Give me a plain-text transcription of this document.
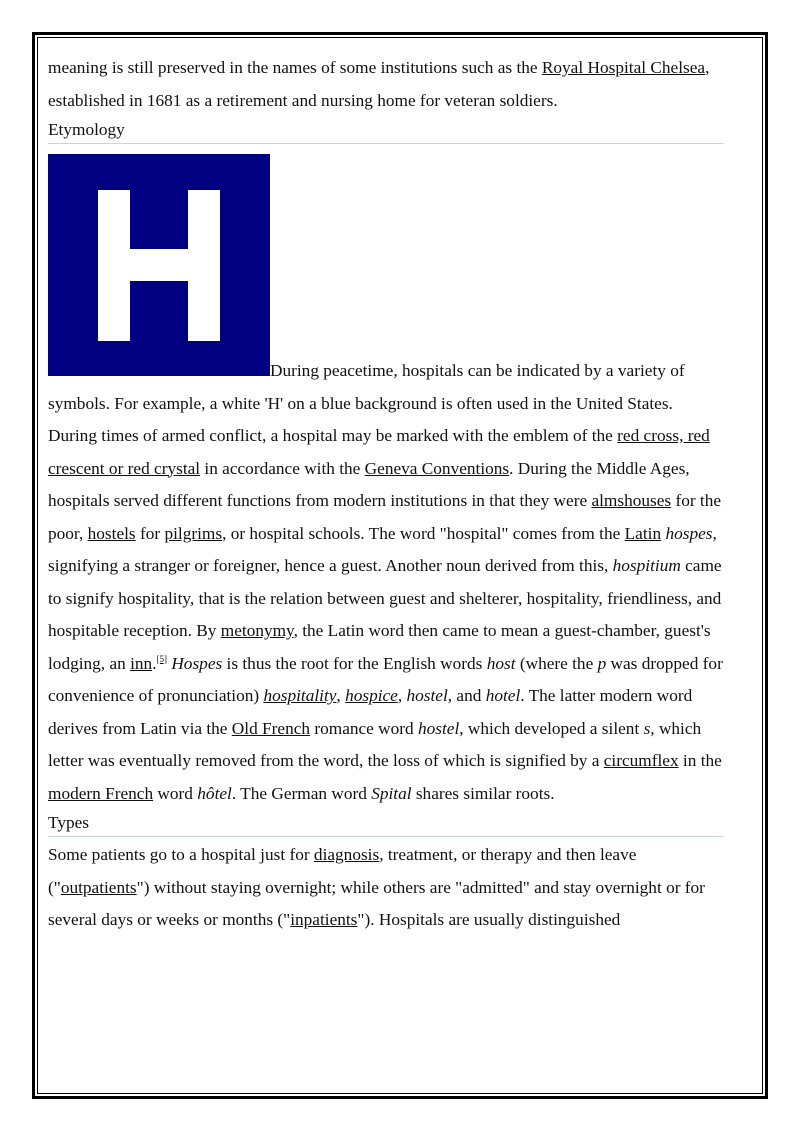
meaning is still preserved in the names of some institutions such as the Royal Hospital Chelsea, established in 1681 as a retirement and nursing home for veteran soldiers.

Etymology

During peacetime, hospitals can be indicated by a variety of symbols. For example, a white 'H' on a blue background is often used in the United States. During times of armed conflict, a hospital may be marked with the emblem of the red cross, red crescent or red crystal in accordance with the Geneva Conventions. During the Middle Ages, hospitals served different functions from modern institutions in that they were almshouses for the poor, hostels for pilgrims, or hospital schools. The word "hospital" comes from the Latin hospes, signifying a stranger or foreigner, hence a guest. Another noun derived from this, hospitium came to signify hospitality, that is the relation between guest and shelterer, hospitality, friendliness, and hospitable reception. By metonymy, the Latin word then came to mean a guest-chamber, guest's lodging, an inn.[5] Hospes is thus the root for the English words host (where the p was dropped for convenience of pronunciation) hospitality, hospice, hostel, and hotel. The latter modern word derives from Latin via the Old French romance word hostel, which developed a silent s, which letter was eventually removed from the word, the loss of which is signified by a circumflex in the modern French word hôtel. The German word Spital shares similar roots.

Types

Some patients go to a hospital just for diagnosis, treatment, or therapy and then leave ("outpatients") without staying overnight; while others are "admitted" and stay overnight or for several days or weeks or months ("inpatients"). Hospitals are usually distinguished
